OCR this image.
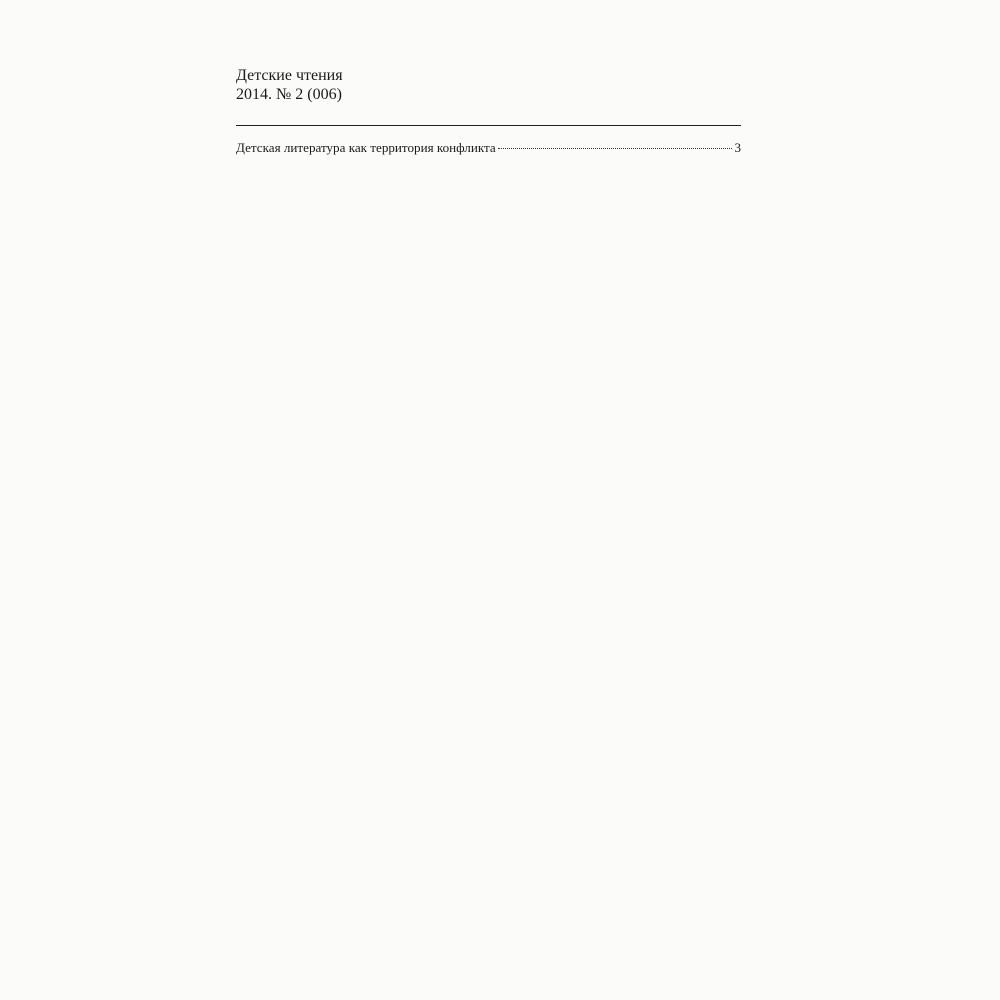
Детские чтения
2014. № 2 (006)
Детская литература как территория конфликта	3
